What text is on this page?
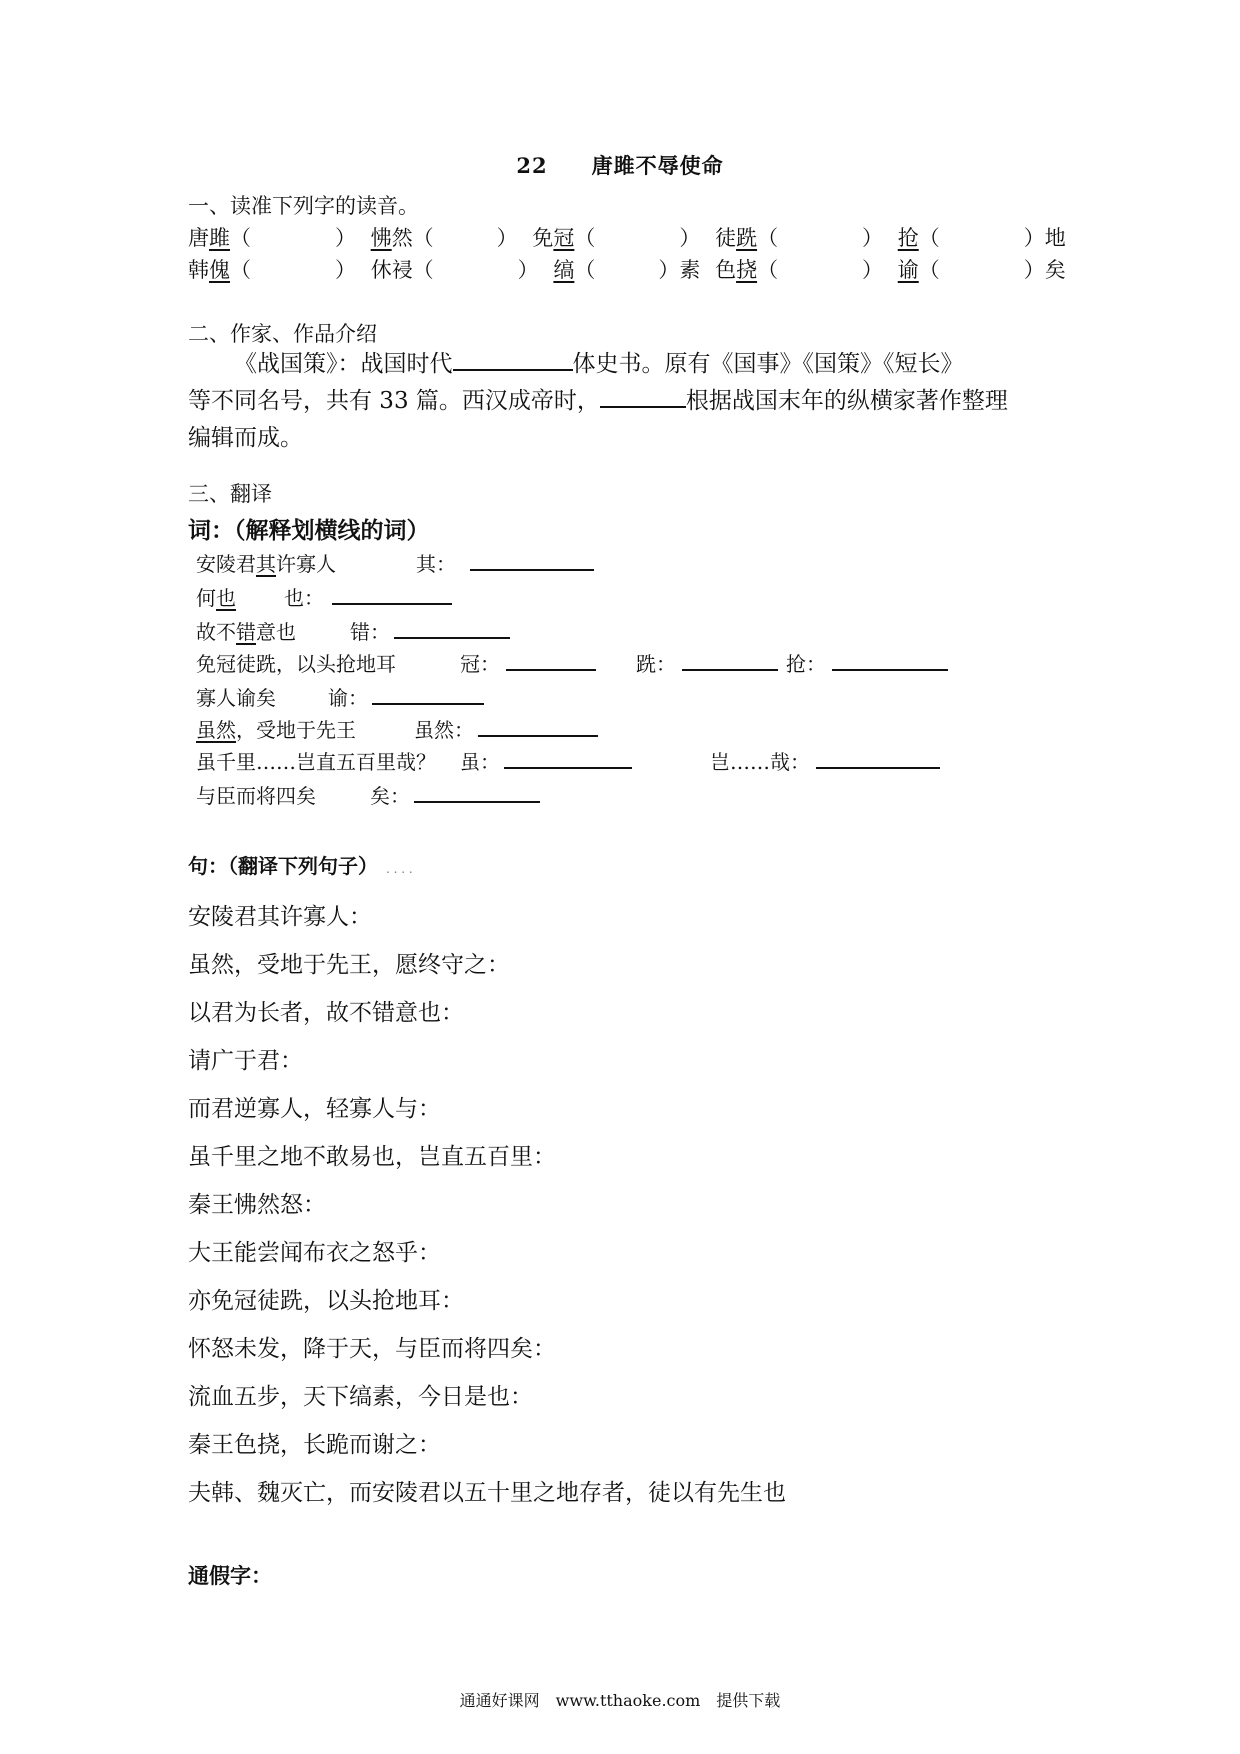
22　　唐雎不辱使命
一、读准下列字的读音。
唐雎（　　　　） 怫然（　　　） 免冠（　　　　） 徒跣（　　　　） 抢（　　　　）地
韩傀（　　　　） 休祲（　　　　） 缟（　　　）素 色挠（　　　　） 谕（　　　　）矣
二、作家、作品介绍
《战国策》：战国时代	体史书。原有《国事》《国策》《短长》
等不同名号，共有 33 篇。西汉成帝时，	根据战国末年的纵横家著作整理
编辑而成。
三、翻译
词：（解释划横线的词）
安陵君其许寡人	其：
何也 也：
故不错意也	错：
免冠徒跣，以头抢地耳	冠：	跣：	抢：
寡人谕矣	谕：
虽然，受地于先王	虽然：
虽千里……岂直五百里哉？ 虽：	岂……哉：
与臣而将四矣	矣：
句：（翻译下列句子） . . . .
安陵君其许寡人：
虽然，受地于先王，愿终守之：
以君为长者，故不错意也：
请广于君：
而君逆寡人，轻寡人与：
虽千里之地不敢易也，岂直五百里：
秦王怫然怒：
大王能尝闻布衣之怒乎：
亦免冠徒跣，以头抢地耳：
怀怒未发，降于天，与臣而将四矣：
流血五步，天下缟素，今日是也：
秦王色挠，长跪而谢之：
夫韩、魏灭亡，而安陵君以五十里之地存者，徒以有先生也
通假字：
通通好课网　www.tthaoke.com　提供下载
